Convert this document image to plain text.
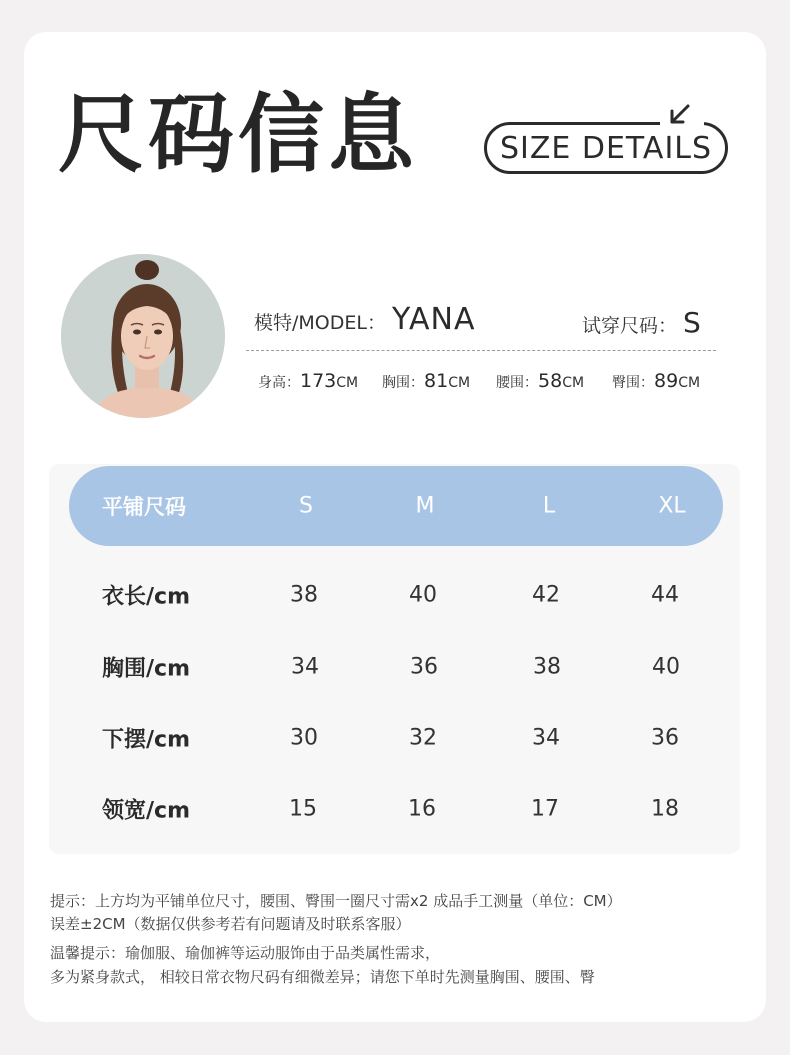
尺码信息	SIZE DETAILS
模特/MODEL： YANA	试穿尺码： S
身高：173CM 胸围：81CM 腰围：58CM 臀围：89CM
平铺尺码	S	M	L	XL
衣长/cm	38	40	42	44
胸围/cm	34	36	38	40
下摆/cm	30	32	34	36
领宽/cm	15	16	17	18
提示：上方均为平铺单位尺寸，腰围、臀围一圈尺寸需x2 成品手工测量（单位：CM）
误差±2CM（数据仅供参考若有问题请及时联系客服）
温馨提示：瑜伽服、瑜伽裤等运动服饰由于品类属性需求，
多为紧身款式， 相较日常衣物尺码有细微差异；请您下单时先测量胸围、腰围、臀
